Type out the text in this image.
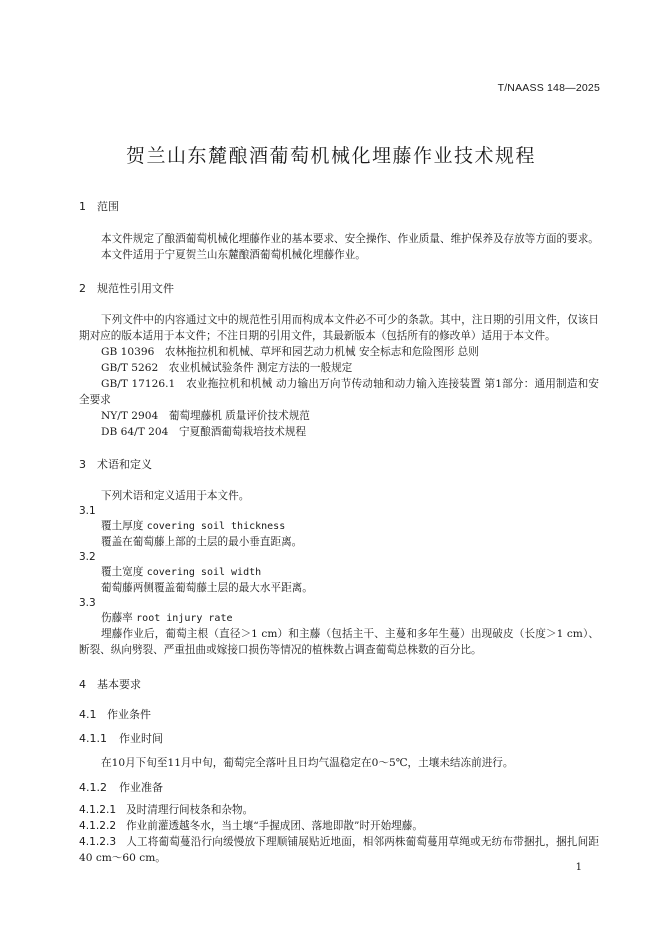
T/NAASS 148—2025
贺兰山东麓酿酒葡萄机械化埋藤作业技术规程

1 范围

本文件规定了酿酒葡萄机械化埋藤作业的基本要求、安全操作、作业质量、维护保养及存放等方面的要求。

本文件适用于宁夏贺兰山东麓酿酒葡萄机械化埋藤作业。

2 规范性引用文件

下列文件中的内容通过文中的规范性引用而构成本文件必不可少的条款。其中，注日期的引用文件，仅该日期对应的版本适用于本文件；不注日期的引用文件，其最新版本（包括所有的修改单）适用于本文件。

GB 10396　农林拖拉机和机械、草坪和园艺动力机械 安全标志和危险图形 总则

GB/T 5262　农业机械试验条件 测定方法的一般规定

GB/T 17126.1　农业拖拉机和机械 动力输出万向节传动轴和动力输入连接装置 第1部分：通用制造和安全要求

NY/T 2904　葡萄埋藤机 质量评价技术规范

DB 64/T 204　宁夏酿酒葡萄栽培技术规程

3 术语和定义

下列术语和定义适用于本文件。

3.1

覆土厚度 covering soil thickness

覆盖在葡萄藤上部的土层的最小垂直距离。

3.2

覆土宽度 covering soil width

葡萄藤两侧覆盖葡萄藤土层的最大水平距离。

3.3

伤藤率 root injury rate

埋藤作业后，葡萄主根（直径＞1 cm）和主藤（包括主干、主蔓和多年生蔓）出现破皮（长度＞1 cm）、断裂、纵向劈裂、严重扭曲或嫁接口损伤等情况的植株数占调查葡萄总株数的百分比。

4 基本要求

4.1 作业条件

4.1.1 作业时间

在10月下旬至11月中旬，葡萄完全落叶且日均气温稳定在0～5℃，土壤未结冻前进行。

4.1.2 作业准备

4.1.2.1 及时清理行间枝条和杂物。

4.1.2.2 作业前灌透越冬水，当土壤“手握成团、落地即散”时开始埋藤。

4.1.2.3 人工将葡萄蔓沿行向缓慢放下理顺铺展贴近地面，相邻两株葡萄蔓用草绳或无纺布带捆扎，捆扎间距 40 cm～60 cm。

1
